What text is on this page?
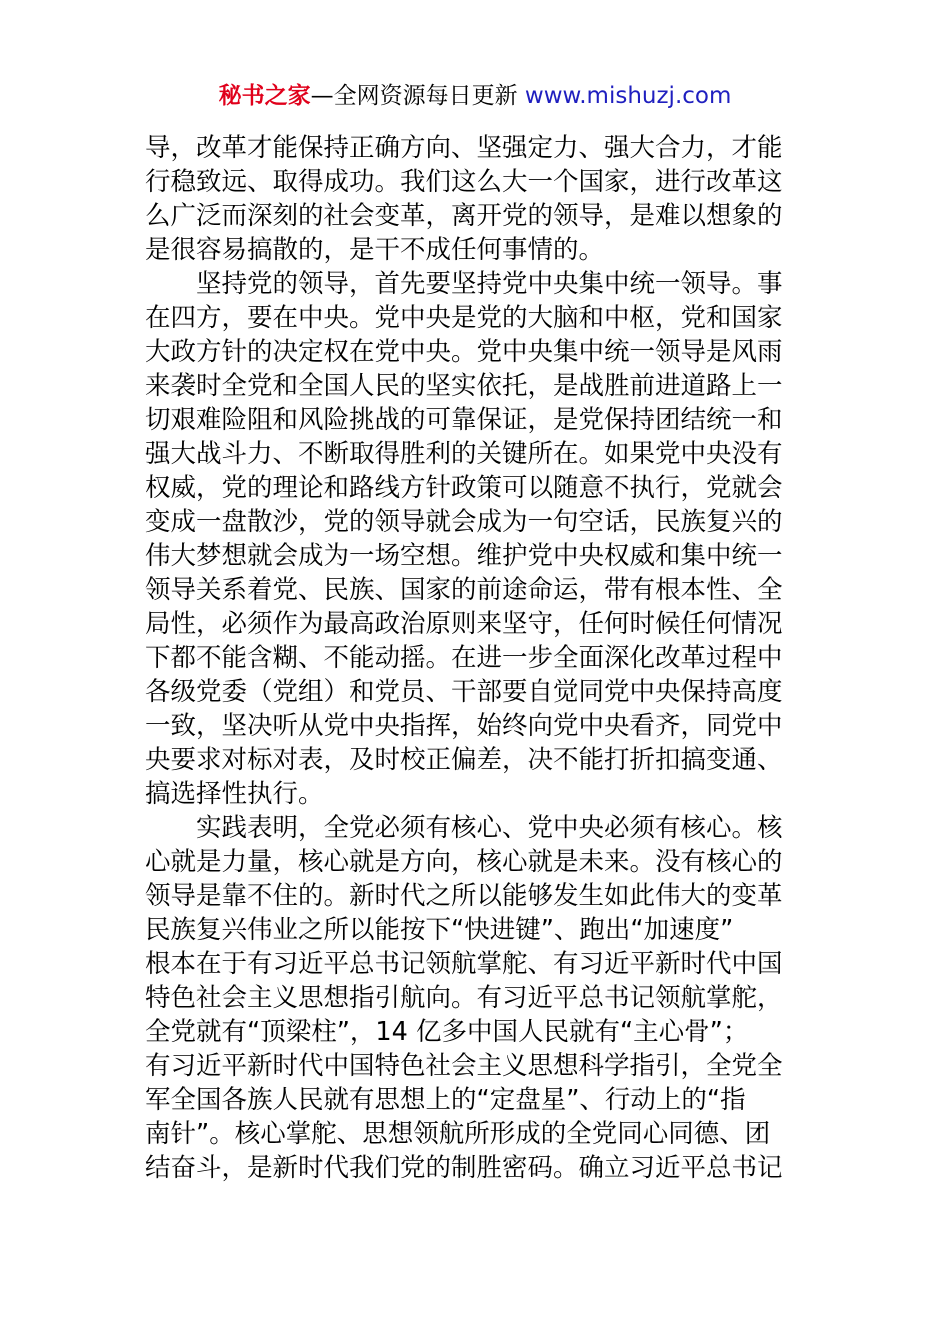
秘书之家—全网资源每日更新 www.mishuzj.com
导，改革才能保持正确方向、坚强定力、强大合力，才能
行稳致远、取得成功。我们这么大一个国家，进行改革这
么广泛而深刻的社会变革，离开党的领导，是难以想象的
是很容易搞散的，是干不成任何事情的。
　　坚持党的领导，首先要坚持党中央集中统一领导。事
在四方，要在中央。党中央是党的大脑和中枢，党和国家
大政方针的决定权在党中央。党中央集中统一领导是风雨
来袭时全党和全国人民的坚实依托，是战胜前进道路上一
切艰难险阻和风险挑战的可靠保证，是党保持团结统一和
强大战斗力、不断取得胜利的关键所在。如果党中央没有
权威，党的理论和路线方针政策可以随意不执行，党就会
变成一盘散沙，党的领导就会成为一句空话，民族复兴的
伟大梦想就会成为一场空想。维护党中央权威和集中统一
领导关系着党、民族、国家的前途命运，带有根本性、全
局性，必须作为最高政治原则来坚守，任何时候任何情况
下都不能含糊、不能动摇。在进一步全面深化改革过程中
各级党委（党组）和党员、干部要自觉同党中央保持高度
一致，坚决听从党中央指挥，始终向党中央看齐，同党中
央要求对标对表，及时校正偏差，决不能打折扣搞变通、
搞选择性执行。
　　实践表明，全党必须有核心、党中央必须有核心。核
心就是力量，核心就是方向，核心就是未来。没有核心的
领导是靠不住的。新时代之所以能够发生如此伟大的变革
民族复兴伟业之所以能按下“快进键”、跑出“加速度”
根本在于有习近平总书记领航掌舵、有习近平新时代中国
特色社会主义思想指引航向。有习近平总书记领航掌舵，
全党就有“顶梁柱”，14 亿多中国人民就有“主心骨”；
有习近平新时代中国特色社会主义思想科学指引，全党全
军全国各族人民就有思想上的“定盘星”、行动上的“指
南针”。核心掌舵、思想领航所形成的全党同心同德、团
结奋斗，是新时代我们党的制胜密码。确立习近平总书记
